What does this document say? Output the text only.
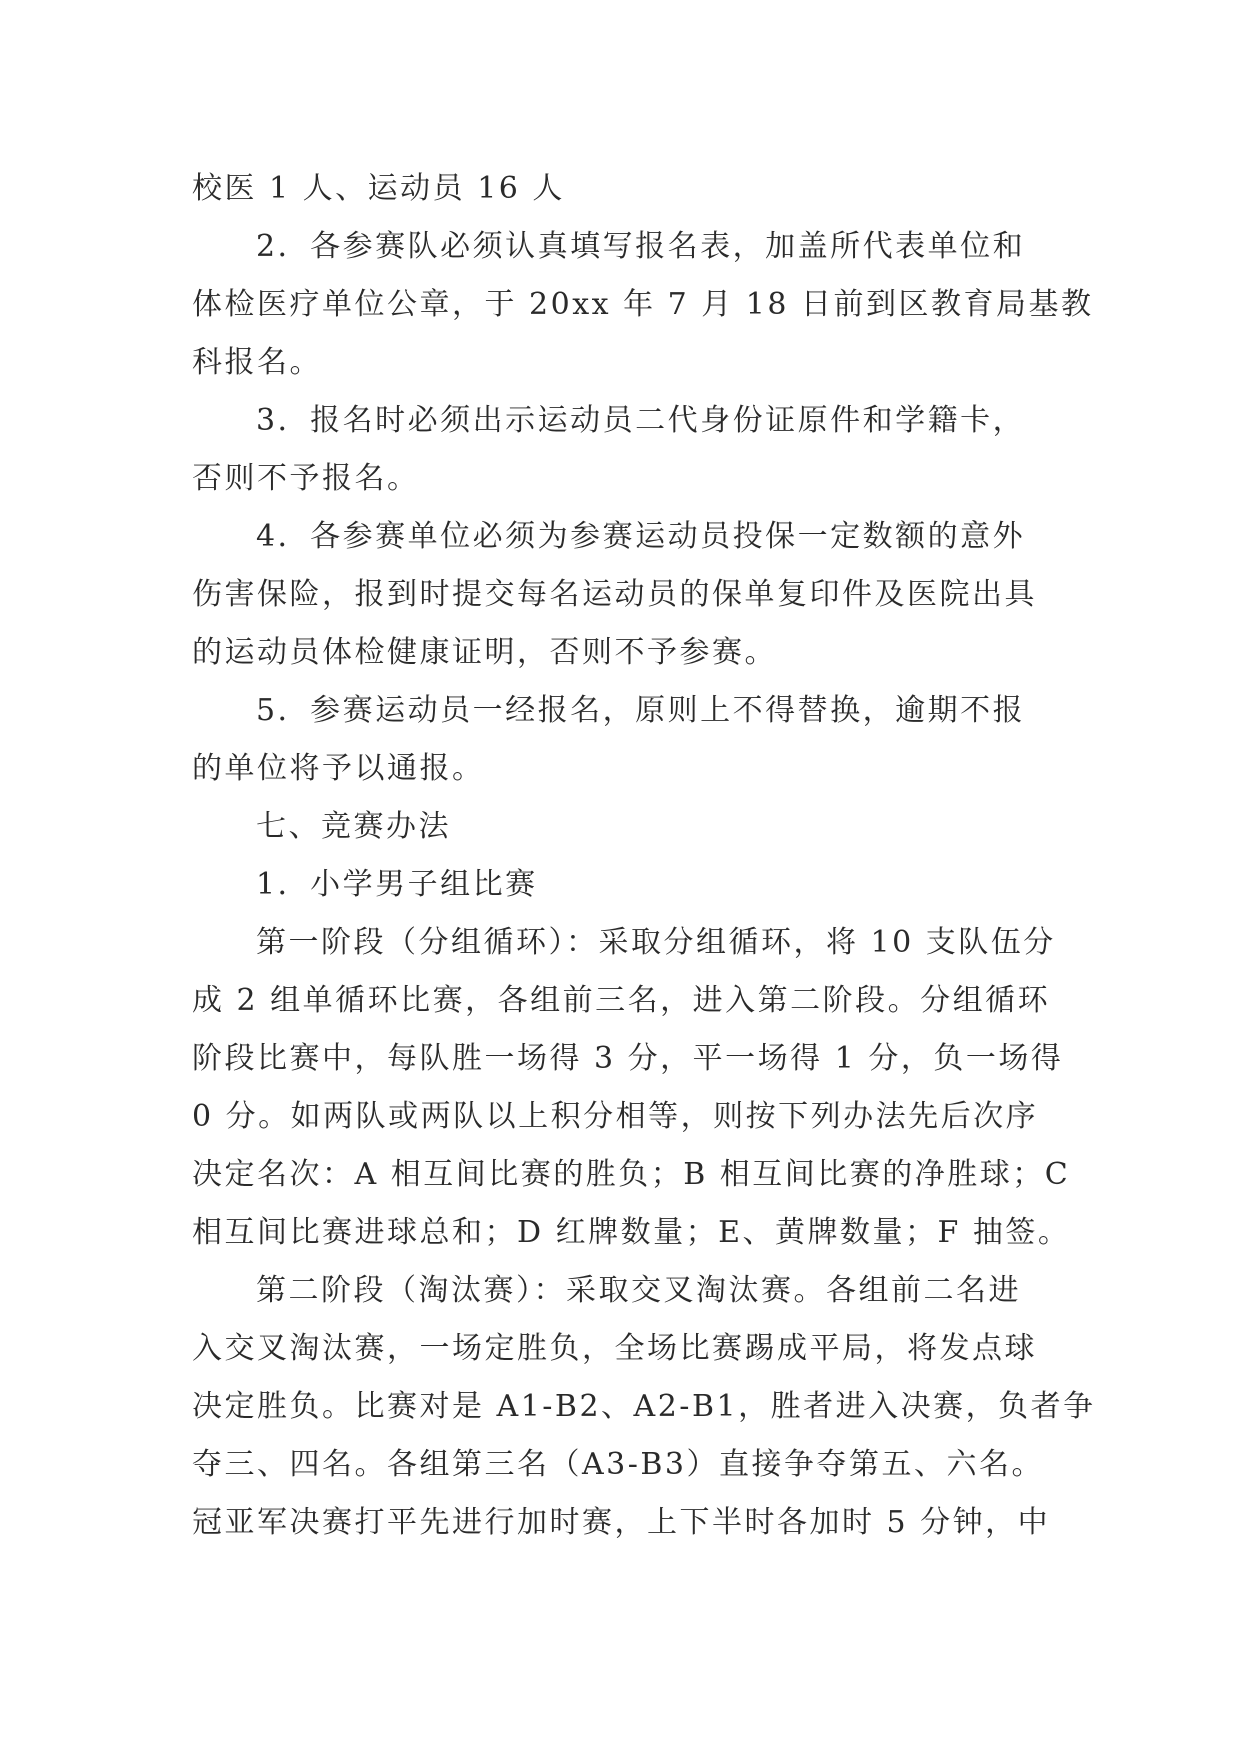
校医 1 人、运动员 16 人
2．各参赛队必须认真填写报名表，加盖所代表单位和
体检医疗单位公章，于 20xx 年 7 月 18 日前到区教育局基教
科报名。
3．报名时必须出示运动员二代身份证原件和学籍卡，
否则不予报名。
4．各参赛单位必须为参赛运动员投保一定数额的意外
伤害保险，报到时提交每名运动员的保单复印件及医院出具
的运动员体检健康证明，否则不予参赛。
5．参赛运动员一经报名，原则上不得替换，逾期不报
的单位将予以通报。
七、竞赛办法
1．小学男子组比赛
第一阶段（分组循环）：采取分组循环，将 10 支队伍分
成 2 组单循环比赛，各组前三名，进入第二阶段。分组循环
阶段比赛中，每队胜一场得 3 分，平一场得 1 分，负一场得
0 分。如两队或两队以上积分相等，则按下列办法先后次序
决定名次：A 相互间比赛的胜负；B 相互间比赛的净胜球；C
相互间比赛进球总和；D 红牌数量；E、黄牌数量；F 抽签。
第二阶段（淘汰赛）：采取交叉淘汰赛。各组前二名进
入交叉淘汰赛，一场定胜负，全场比赛踢成平局，将发点球
决定胜负。比赛对是 A1-B2、A2-B1，胜者进入决赛，负者争
夺三、四名。各组第三名（A3-B3）直接争夺第五、六名。
冠亚军决赛打平先进行加时赛，上下半时各加时 5 分钟，中
